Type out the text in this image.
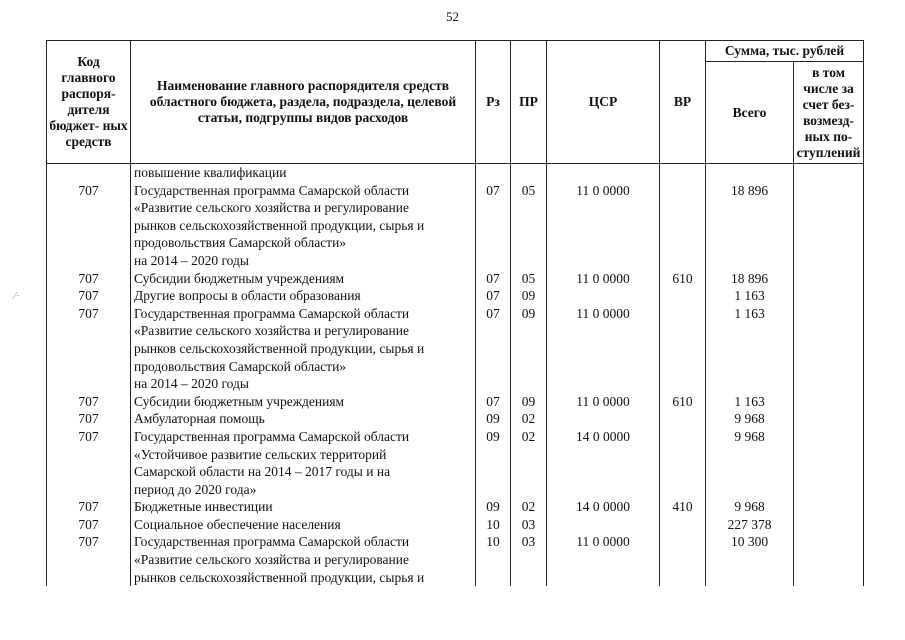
52
⁄·
Код главного распоря- дителя бюджет- ных средств	Наименование главного распорядителя средств областного бюджета, раздела, подраздела, целевой статьи, подгруппы видов расходов	Рз	ПР	ЦСР	ВР	Сумма, тыс. рублей	
						Всего	в том числе за счет без- возмезд- ных по- ступлений
	повышение квалификации						
707	Государственная программа Самарской области
«Развитие сельского хозяйства и регулирование
рынков сельскохозяйственной продукции, сырья и
продовольствия Самарской области»
на 2014 – 2020 годы	07	05	11 0 0000		18 896	
707	Субсидии бюджетным учреждениям	07	05	11 0 0000	610	18 896	
707	Другие вопросы в области образования	07	09			1 163	
707	Государственная программа Самарской области
«Развитие сельского хозяйства и регулирование
рынков сельскохозяйственной продукции, сырья и
продовольствия Самарской области»
на 2014 – 2020 годы	07	09	11 0 0000		1 163	
707	Субсидии бюджетным учреждениям	07	09	11 0 0000	610	1 163	
707	Амбулаторная помощь	09	02			9 968	
707	Государственная программа Самарской области
«Устойчивое развитие сельских территорий
Самарской области на 2014 – 2017 годы и на
период до 2020 года»	09	02	14 0 0000		9 968	
707	Бюджетные инвестиции	09	02	14 0 0000	410	9 968	
707	Социальное обеспечение населения	10	03			227 378	
707	Государственная программа Самарской области
«Развитие сельского хозяйства и регулирование
рынков сельскохозяйственной продукции, сырья и	10	03	11 0 0000		10 300	
